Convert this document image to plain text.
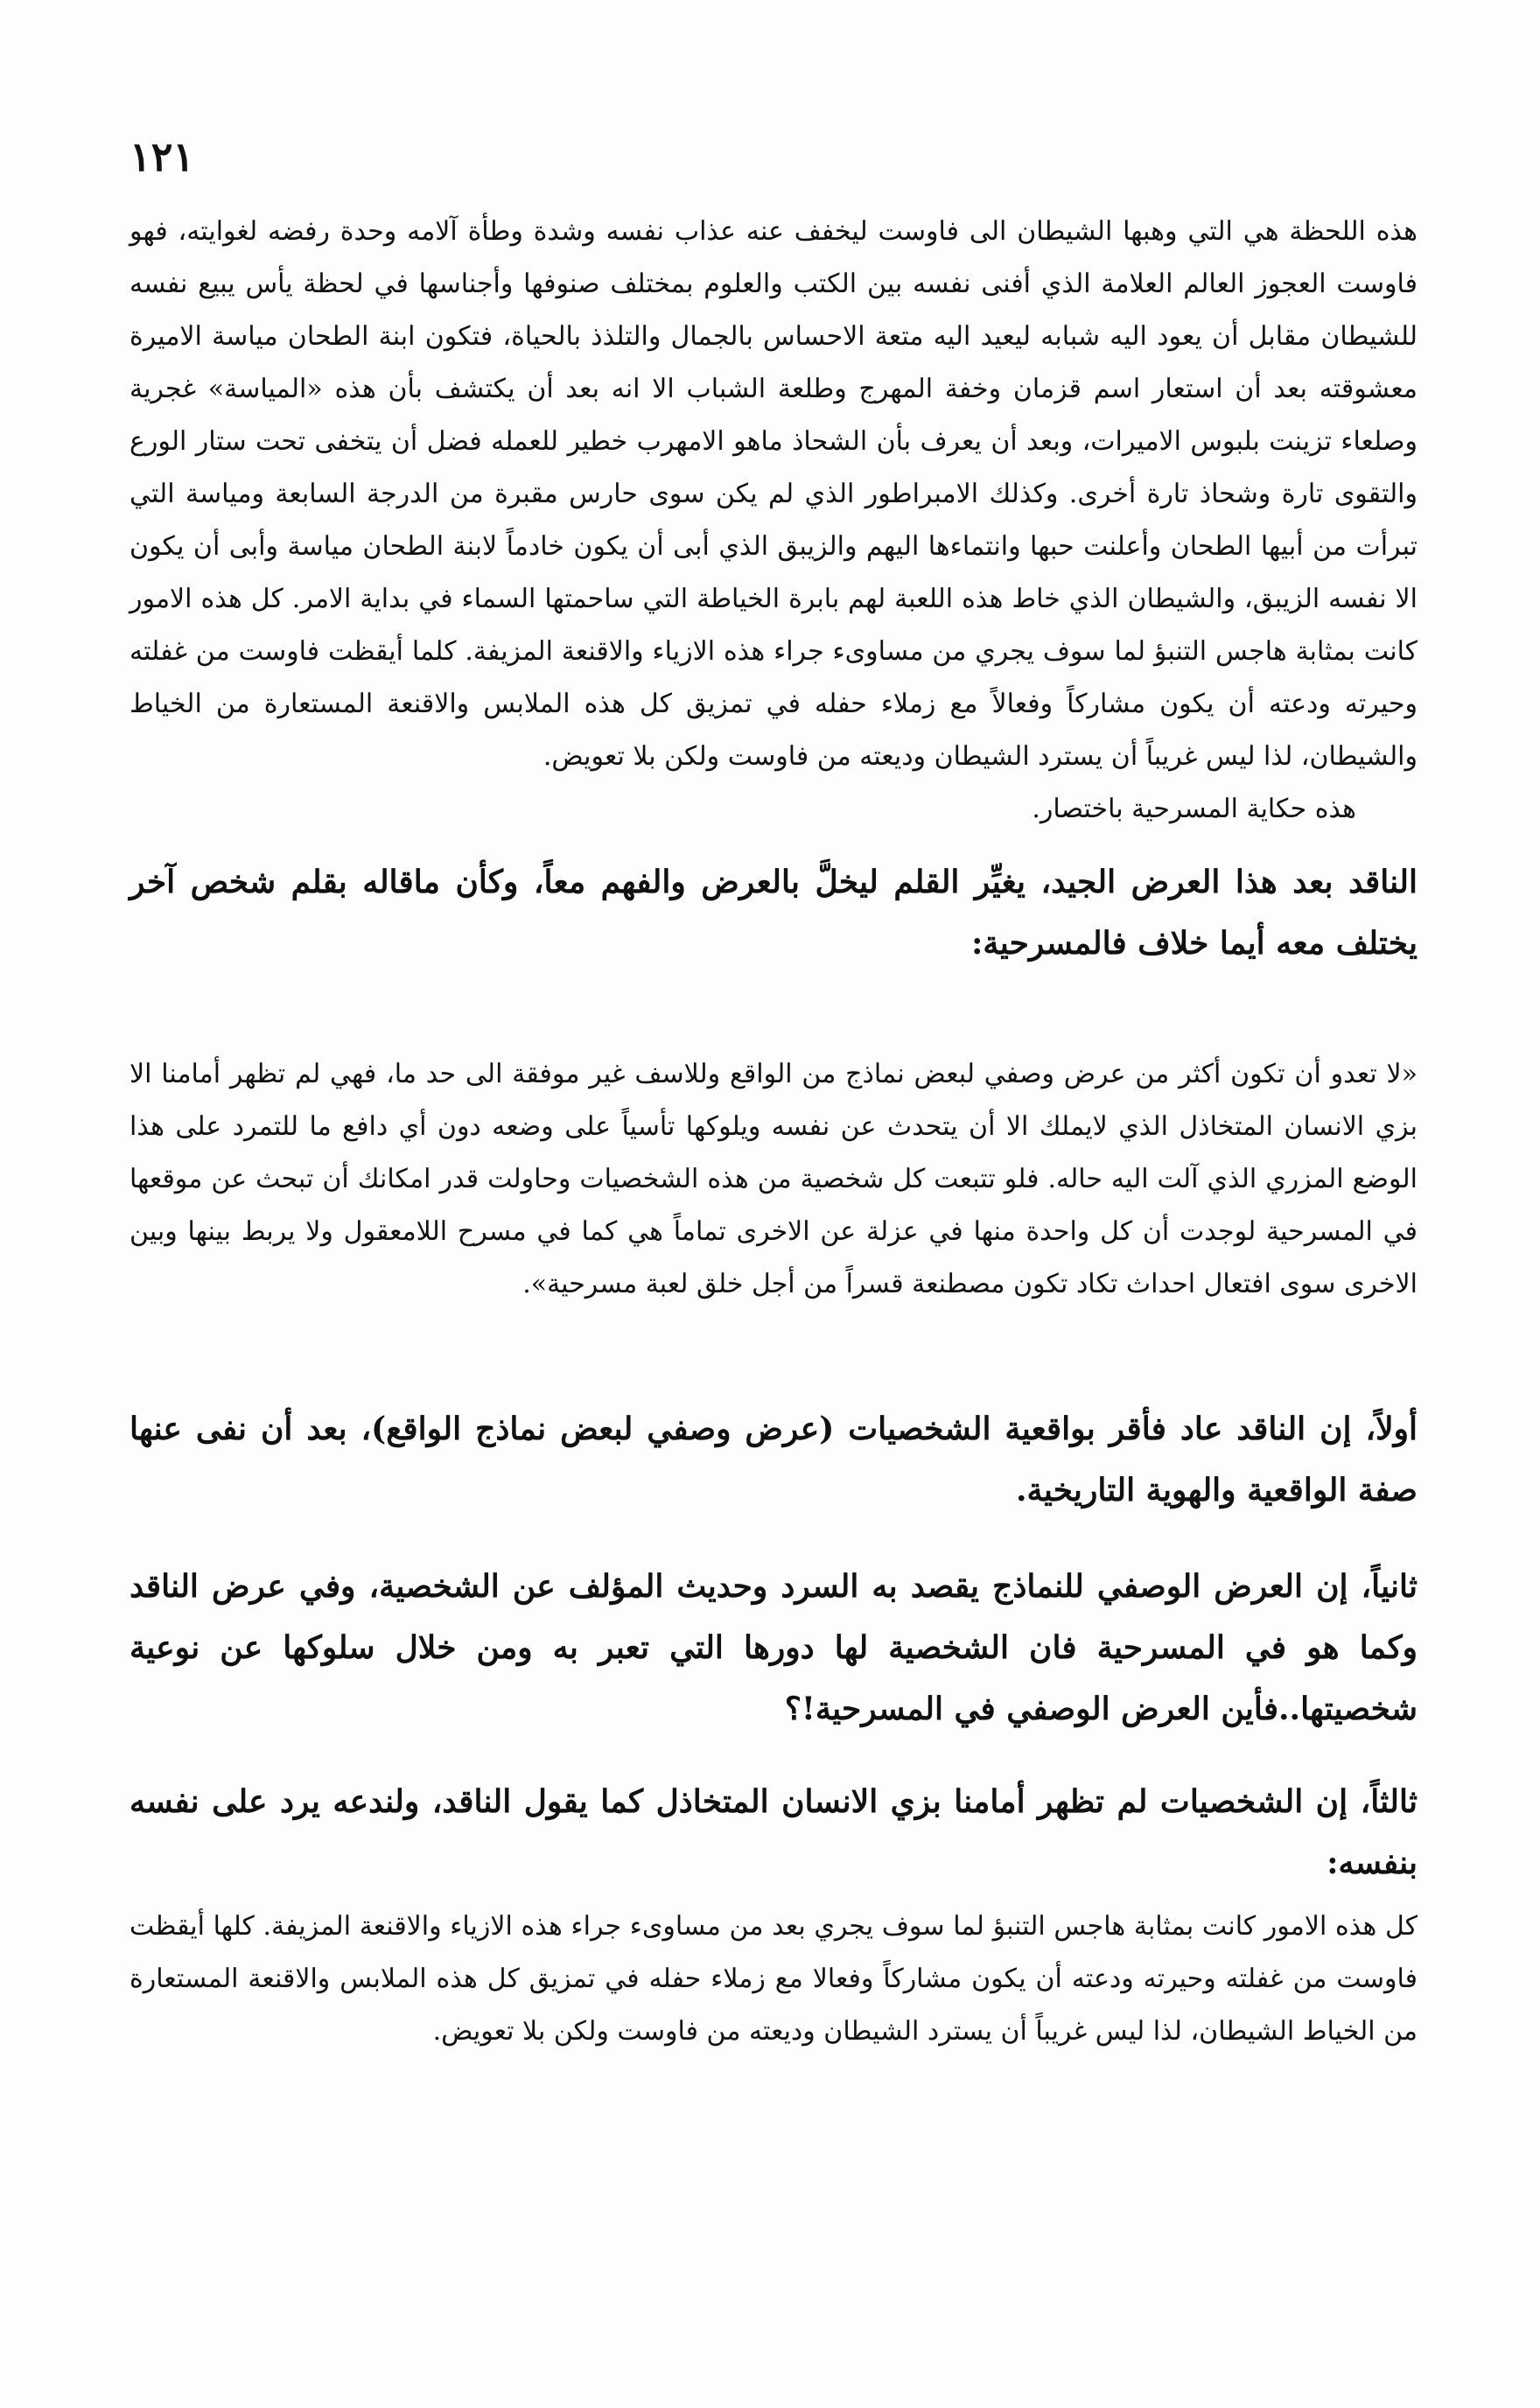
١٢١

هذه اللحظة هي التي وهبها الشيطان الى فاوست ليخفف عنه عذاب نفسه وشدة وطأة آلامه وحدة رفضه لغوايته، فهو فاوست العجوز العالم العلامة الذي أفنى نفسه بين الكتب والعلوم بمختلف صنوفها وأجناسها في لحظة يأس يبيع نفسه للشيطان مقابل أن يعود اليه شبابه ليعيد اليه متعة الاحساس بالجمال والتلذذ بالحياة، فتكون ابنة الطحان مياسة الاميرة معشوقته بعد أن استعار اسم قزمان وخفة المهرج وطلعة الشباب الا انه بعد أن يكتشف بأن هذه «المياسة» غجرية وصلعاء تزينت بلبوس الاميرات، وبعد أن يعرف بأن الشحاذ ماهو الامهرب خطير للعمله فضل أن يتخفى تحت ستار الورع والتقوى تارة وشحاذ تارة أخرى. وكذلك الامبراطور الذي لم يكن سوى حارس مقبرة من الدرجة السابعة ومياسة التي تبرأت من أبيها الطحان وأعلنت حبها وانتماءها اليهم والزيبق الذي أبى أن يكون خادماً لابنة الطحان مياسة وأبى أن يكون الا نفسه الزيبق، والشيطان الذي خاط هذه اللعبة لهم بابرة الخياطة التي ساحمتها السماء في بداية الامر. كل هذه الامور كانت بمثابة هاجس التنبؤ لما سوف يجري من مساوىء جراء هذه الازياء والاقنعة المزيفة. كلما أيقظت فاوست من غفلته وحيرته ودعته أن يكون مشاركاً وفعالاً مع زملاء حفله في تمزيق كل هذه الملابس والاقنعة المستعارة من الخياط والشيطان، لذا ليس غريباً أن يسترد الشيطان وديعته من فاوست ولكن بلا تعويض.

هذه حكاية المسرحية باختصار.

الناقد بعد هذا العرض الجيد، يغيِّر القلم ليخلَّ بالعرض والفهم معاً، وكأن ماقاله بقلم شخص آخر يختلف معه أيما خلاف فالمسرحية:

«لا تعدو أن تكون أكثر من عرض وصفي لبعض نماذج من الواقع وللاسف غير موفقة الى حد ما، فهي لم تظهر أمامنا الا بزي الانسان المتخاذل الذي لايملك الا أن يتحدث عن نفسه ويلوكها تأسياً على وضعه دون أي دافع ما للتمرد على هذا الوضع المزري الذي آلت اليه حاله. فلو تتبعت كل شخصية من هذه الشخصيات وحاولت قدر امكانك أن تبحث عن موقعها في المسرحية لوجدت أن كل واحدة منها في عزلة عن الاخرى تماماً هي كما في مسرح اللامعقول ولا يربط بينها وبين الاخرى سوى افتعال احداث تكاد تكون مصطنعة قسراً من أجل خلق لعبة مسرحية».

أولاً، إن الناقد عاد فأقر بواقعية الشخصيات (عرض وصفي لبعض نماذج الواقع)، بعد أن نفى عنها صفة الواقعية والهوية التاريخية.

ثانياً، إن العرض الوصفي للنماذج يقصد به السرد وحديث المؤلف عن الشخصية، وفي عرض الناقد وكما هو في المسرحية فان الشخصية لها دورها التي تعبر به ومن خلال سلوكها عن نوعية شخصيتها..فأين العرض الوصفي في المسرحية!؟

ثالثاً، إن الشخصيات لم تظهر أمامنا بزي الانسان المتخاذل كما يقول الناقد، ولندعه يرد على نفسه بنفسه:

كل هذه الامور كانت بمثابة هاجس التنبؤ لما سوف يجري بعد من مساوىء جراء هذه الازياء والاقنعة المزيفة. كلها أيقظت فاوست من غفلته وحيرته ودعته أن يكون مشاركاً وفعالا مع زملاء حفله في تمزيق كل هذه الملابس والاقنعة المستعارة من الخياط الشيطان، لذا ليس غريباً أن يسترد الشيطان وديعته من فاوست ولكن بلا تعويض.
